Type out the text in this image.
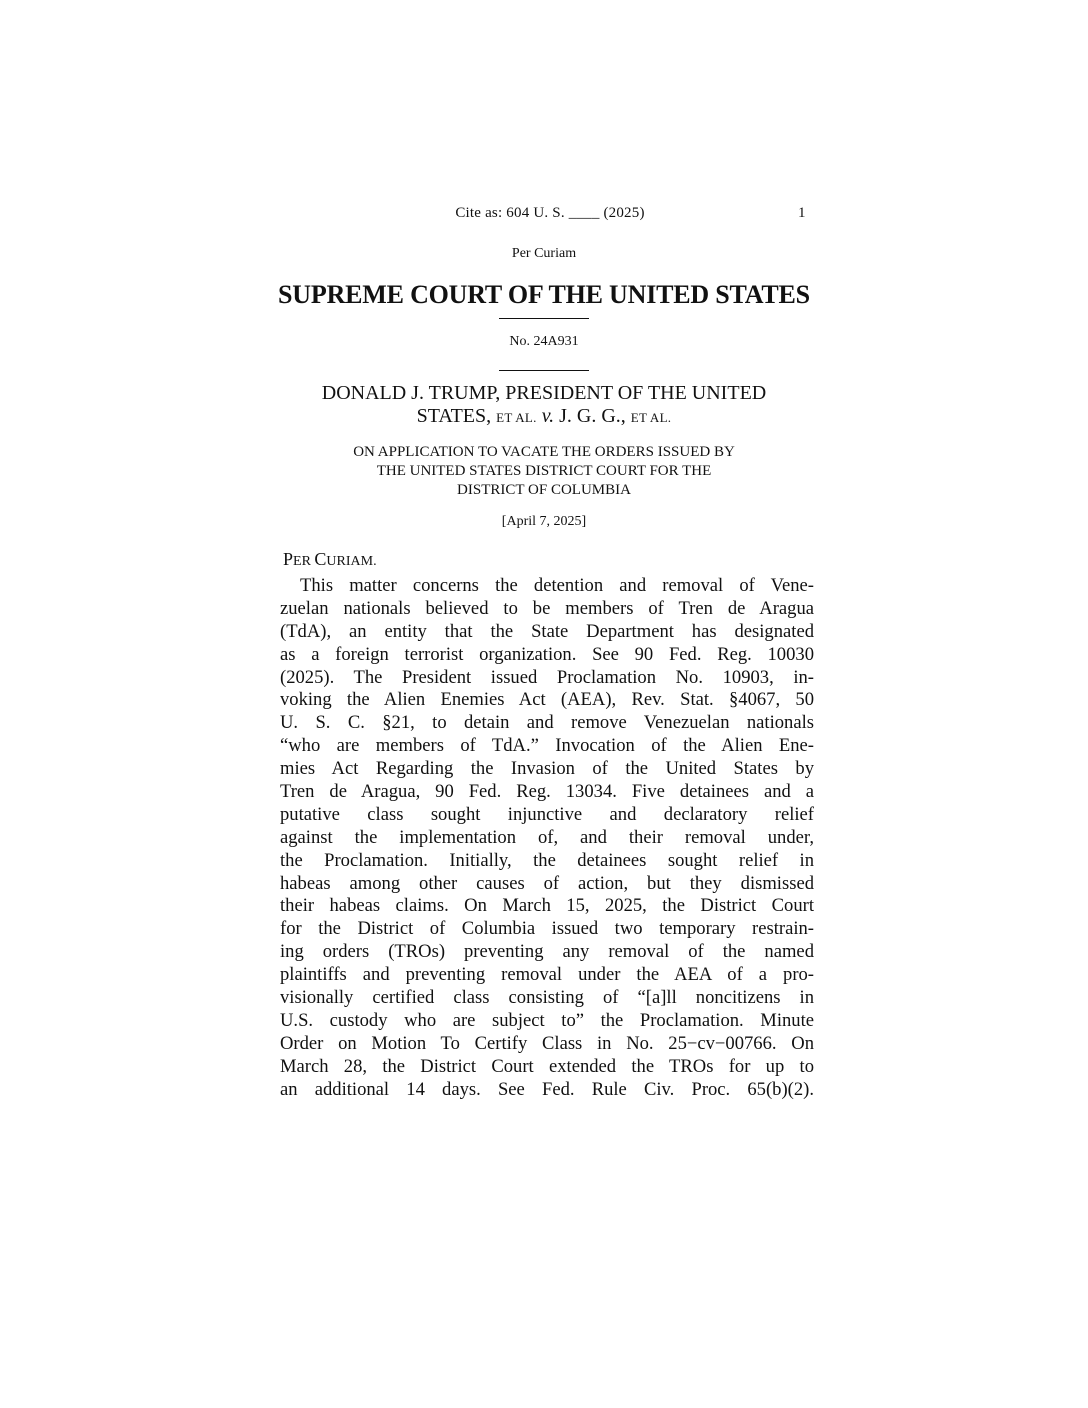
Cite as: 604 U. S. ____ (2025)	1
Per Curiam
SUPREME COURT OF THE UNITED STATES
No. 24A931
DONALD J. TRUMP, PRESIDENT OF THE UNITED
STATES, ET AL. v. J. G. G., ET AL.
ON APPLICATION TO VACATE THE ORDERS ISSUED BY
THE UNITED STATES DISTRICT COURT FOR THE
DISTRICT OF COLUMBIA
[April 7, 2025]
PER CURIAM.
This matter concerns the detention and removal of Vene-
zuelan nationals believed to be members of Tren de Aragua
(TdA), an entity that the State Department has designated
as a foreign terrorist organization. See 90 Fed. Reg. 10030
(2025). The President issued Proclamation No. 10903, in-
voking the Alien Enemies Act (AEA), Rev. Stat. §4067, 50
U. S. C. §21, to detain and remove Venezuelan nationals
“who are members of TdA.” Invocation of the Alien Ene-
mies Act Regarding the Invasion of the United States by
Tren de Aragua, 90 Fed. Reg. 13034. Five detainees and a
putative class sought injunctive and declaratory relief
against the implementation of, and their removal under,
the Proclamation. Initially, the detainees sought relief in
habeas among other causes of action, but they dismissed
their habeas claims. On March 15, 2025, the District Court
for the District of Columbia issued two temporary restrain-
ing orders (TROs) preventing any removal of the named
plaintiffs and preventing removal under the AEA of a pro-
visionally certified class consisting of “[a]ll noncitizens in
U.S. custody who are subject to” the Proclamation. Minute
Order on Motion To Certify Class in No. 25−cv−00766. On
March 28, the District Court extended the TROs for up to
an additional 14 days. See Fed. Rule Civ. Proc. 65(b)(2).
